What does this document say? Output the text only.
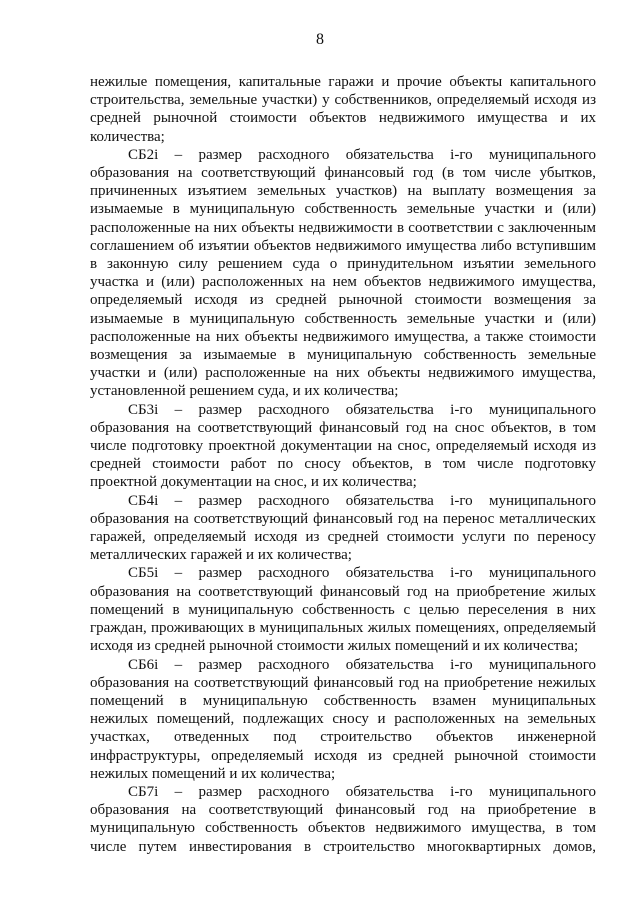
8

нежилые помещения, капитальные гаражи и прочие объекты капитального строительства, земельные участки) у собственников, определяемый исходя из средней рыночной стоимости объектов недвижимого имущества и их количества;

СБ2i – размер расходного обязательства i-го муниципального образования на соответствующий финансовый год (в том числе убытков, причиненных изъятием земельных участков) на выплату возмещения за изымаемые в муниципальную собственность земельные участки и (или) расположенные на них объекты недвижимости в соответствии с заключенным соглашением об изъятии объектов недвижимого имущества либо вступившим в законную силу решением суда о принудительном изъятии земельного участка и (или) расположенных на нем объектов недвижимого имущества, определяемый исходя из средней рыночной стоимости возмещения за изымаемые в муниципальную собственность земельные участки и (или) расположенные на них объекты недвижимого имущества, а также стоимости возмещения за изымаемые в муниципальную собственность земельные участки и (или) расположенные на них объекты недвижимого имущества, установленной решением суда, и их количества;

СБ3i – размер расходного обязательства i-го муниципального образования на соответствующий финансовый год на снос объектов, в том числе подготовку проектной документации на снос, определяемый исходя из средней стоимости работ по сносу объектов, в том числе подготовку проектной документации на снос, и их количества;

СБ4i – размер расходного обязательства i-го муниципального образования на соответствующий финансовый год на перенос металлических гаражей, определяемый исходя из средней стоимости услуги по переносу металлических гаражей и их количества;

СБ5i – размер расходного обязательства i-го муниципального образования на соответствующий финансовый год на приобретение жилых помещений в муниципальную собственность с целью переселения в них граждан, проживающих в муниципальных жилых помещениях, определяемый исходя из средней рыночной стоимости жилых помещений и их количества;

СБ6i – размер расходного обязательства i-го муниципального образования на соответствующий финансовый год на приобретение нежилых помещений в муниципальную собственность взамен муниципальных нежилых помещений, подлежащих сносу и расположенных на земельных участках, отведенных под строительство объектов инженерной инфраструктуры, определяемый исходя из средней рыночной стоимости нежилых помещений и их количества;

СБ7i – размер расходного обязательства i-го муниципального образования на соответствующий финансовый год на приобретение в муниципальную собственность объектов недвижимого имущества, в том числе путем инвестирования в строительство многоквартирных домов,
